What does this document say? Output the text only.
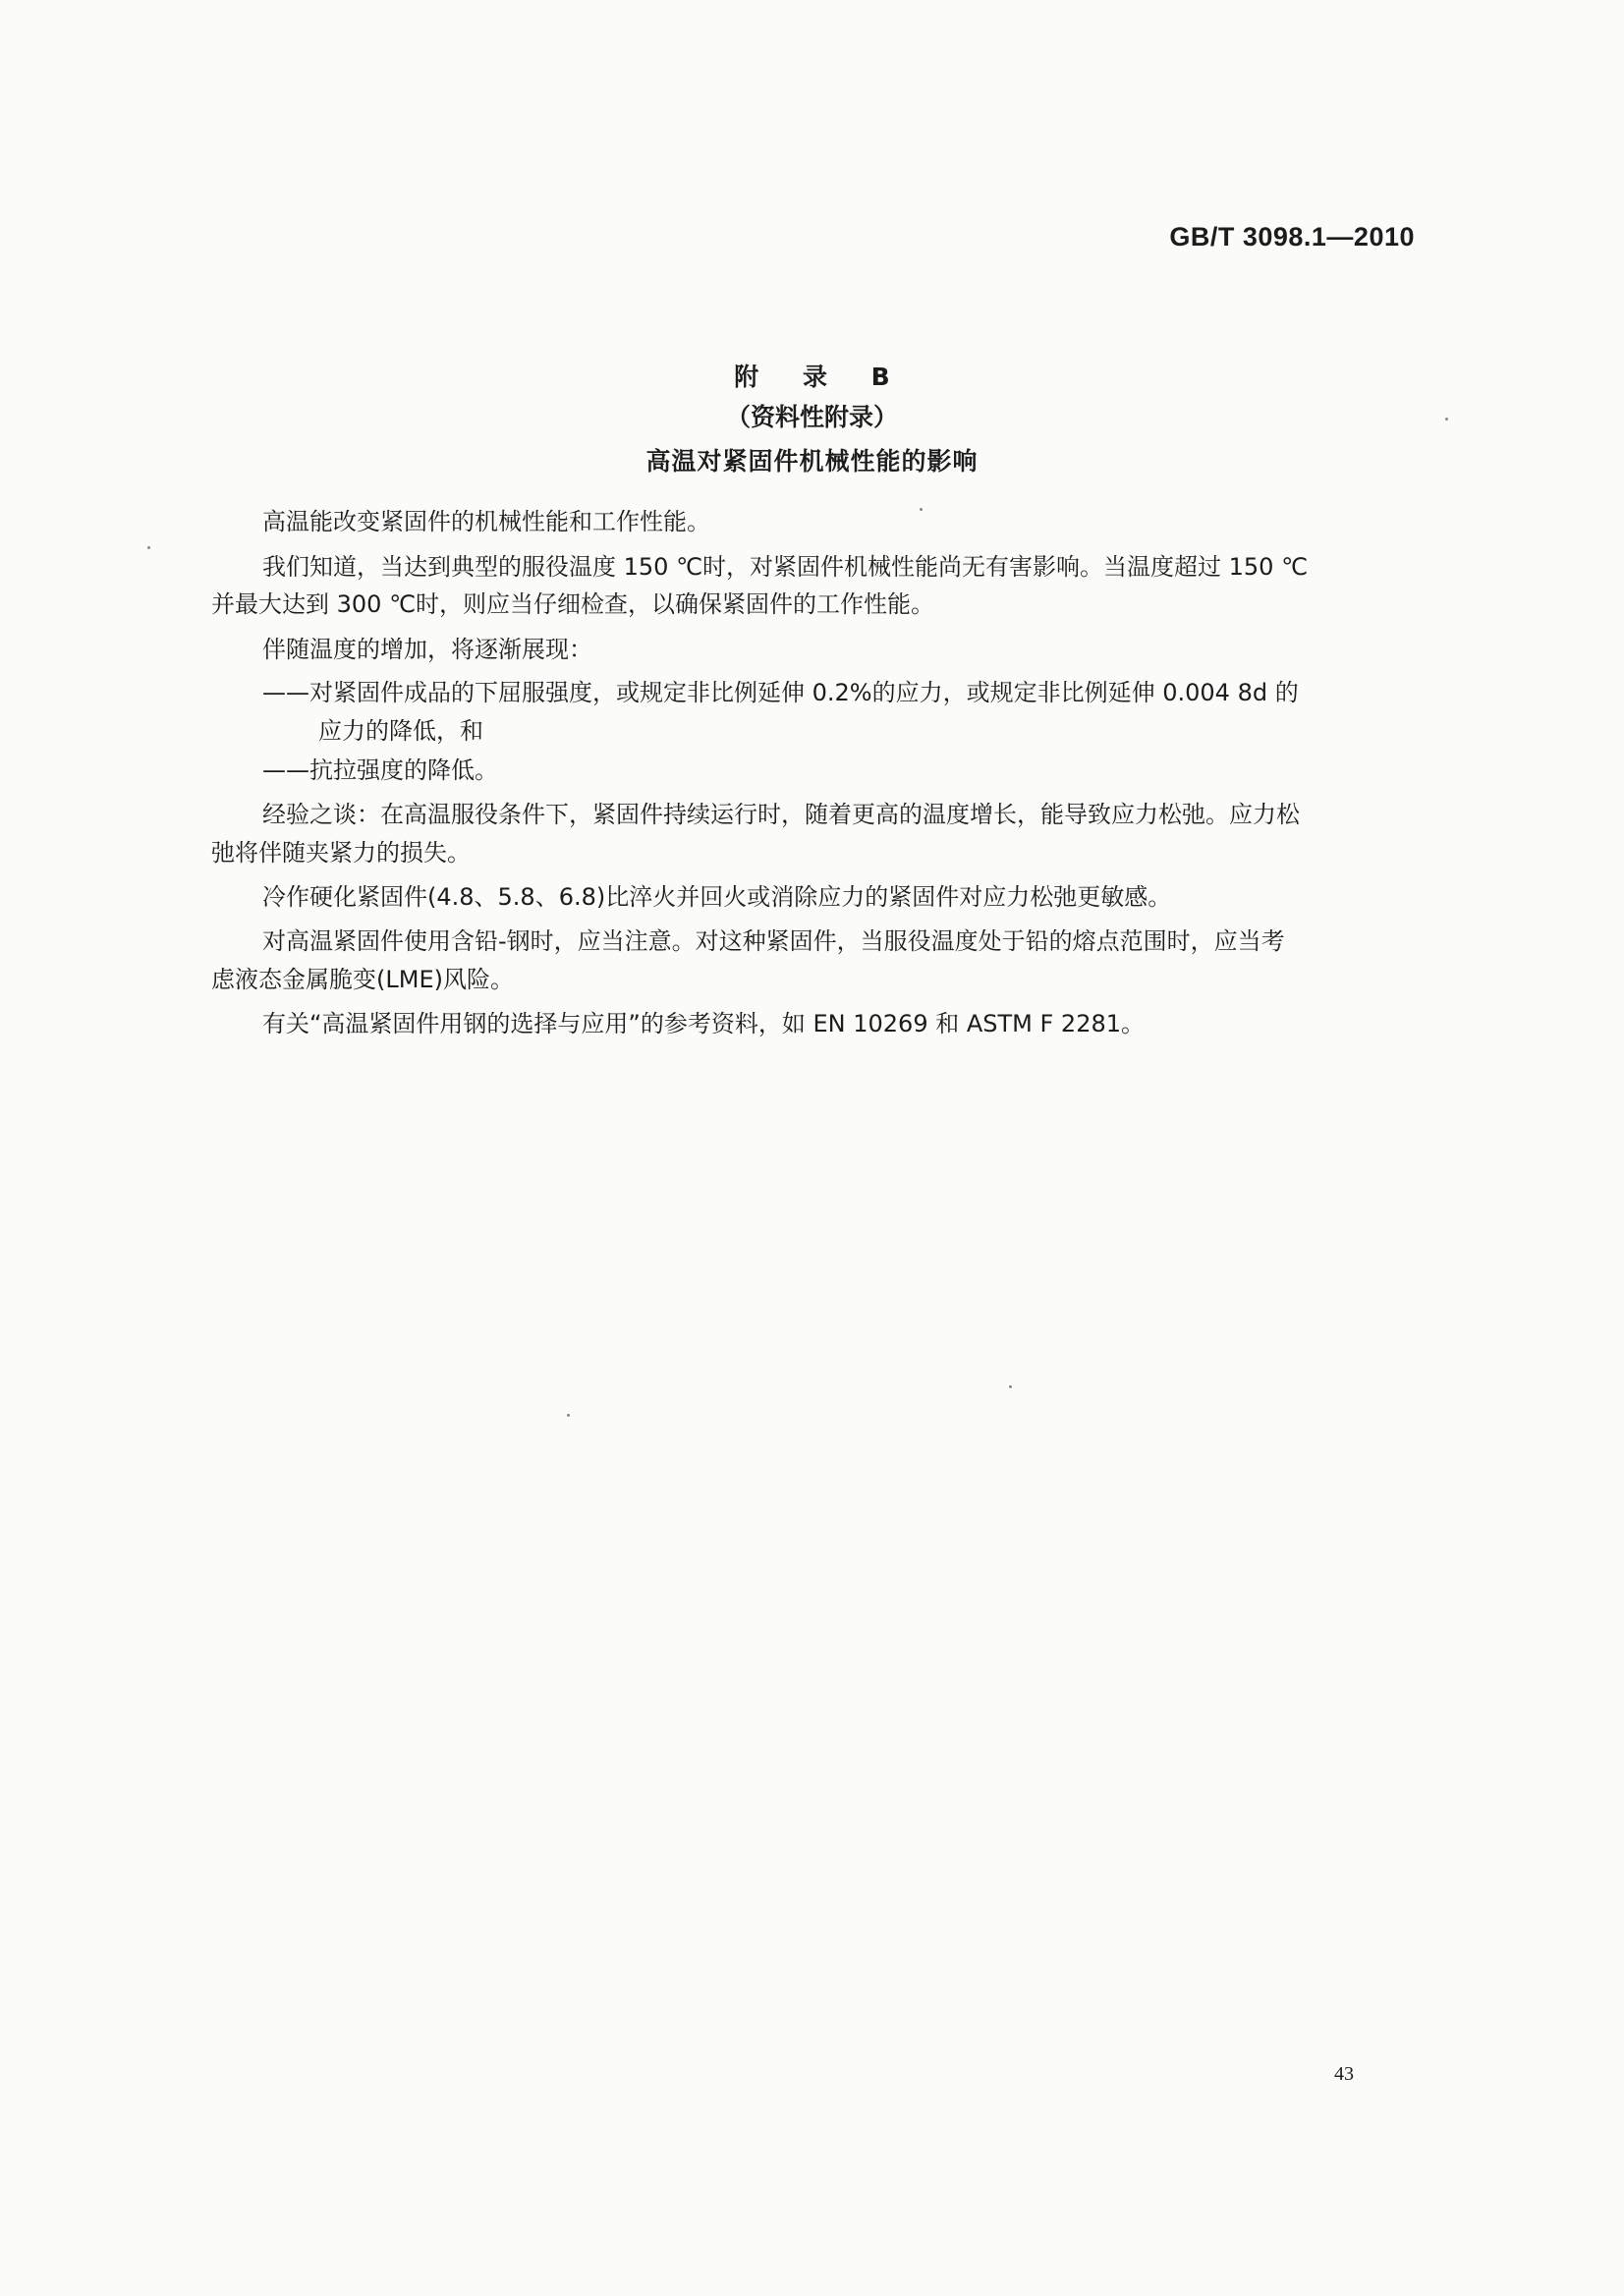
GB/T 3098.1—2010
附 录 B
（资料性附录）
高温对紧固件机械性能的影响
高温能改变紧固件的机械性能和工作性能。
我们知道，当达到典型的服役温度 150 ℃时，对紧固件机械性能尚无有害影响。当温度超过 150 ℃
并最大达到 300 ℃时，则应当仔细检查，以确保紧固件的工作性能。
伴随温度的增加，将逐渐展现：
——对紧固件成品的下屈服强度，或规定非比例延伸 0.2%的应力，或规定非比例延伸 0.004 8d 的
应力的降低，和
——抗拉强度的降低。
经验之谈：在高温服役条件下，紧固件持续运行时，随着更高的温度增长，能导致应力松弛。应力松
弛将伴随夹紧力的损失。
冷作硬化紧固件(4.8、5.8、6.8)比淬火并回火或消除应力的紧固件对应力松弛更敏感。
对高温紧固件使用含铅-钢时，应当注意。对这种紧固件，当服役温度处于铅的熔点范围时，应当考
虑液态金属脆变(LME)风险。
有关“高温紧固件用钢的选择与应用”的参考资料，如 EN 10269 和 ASTM F 2281。
43
